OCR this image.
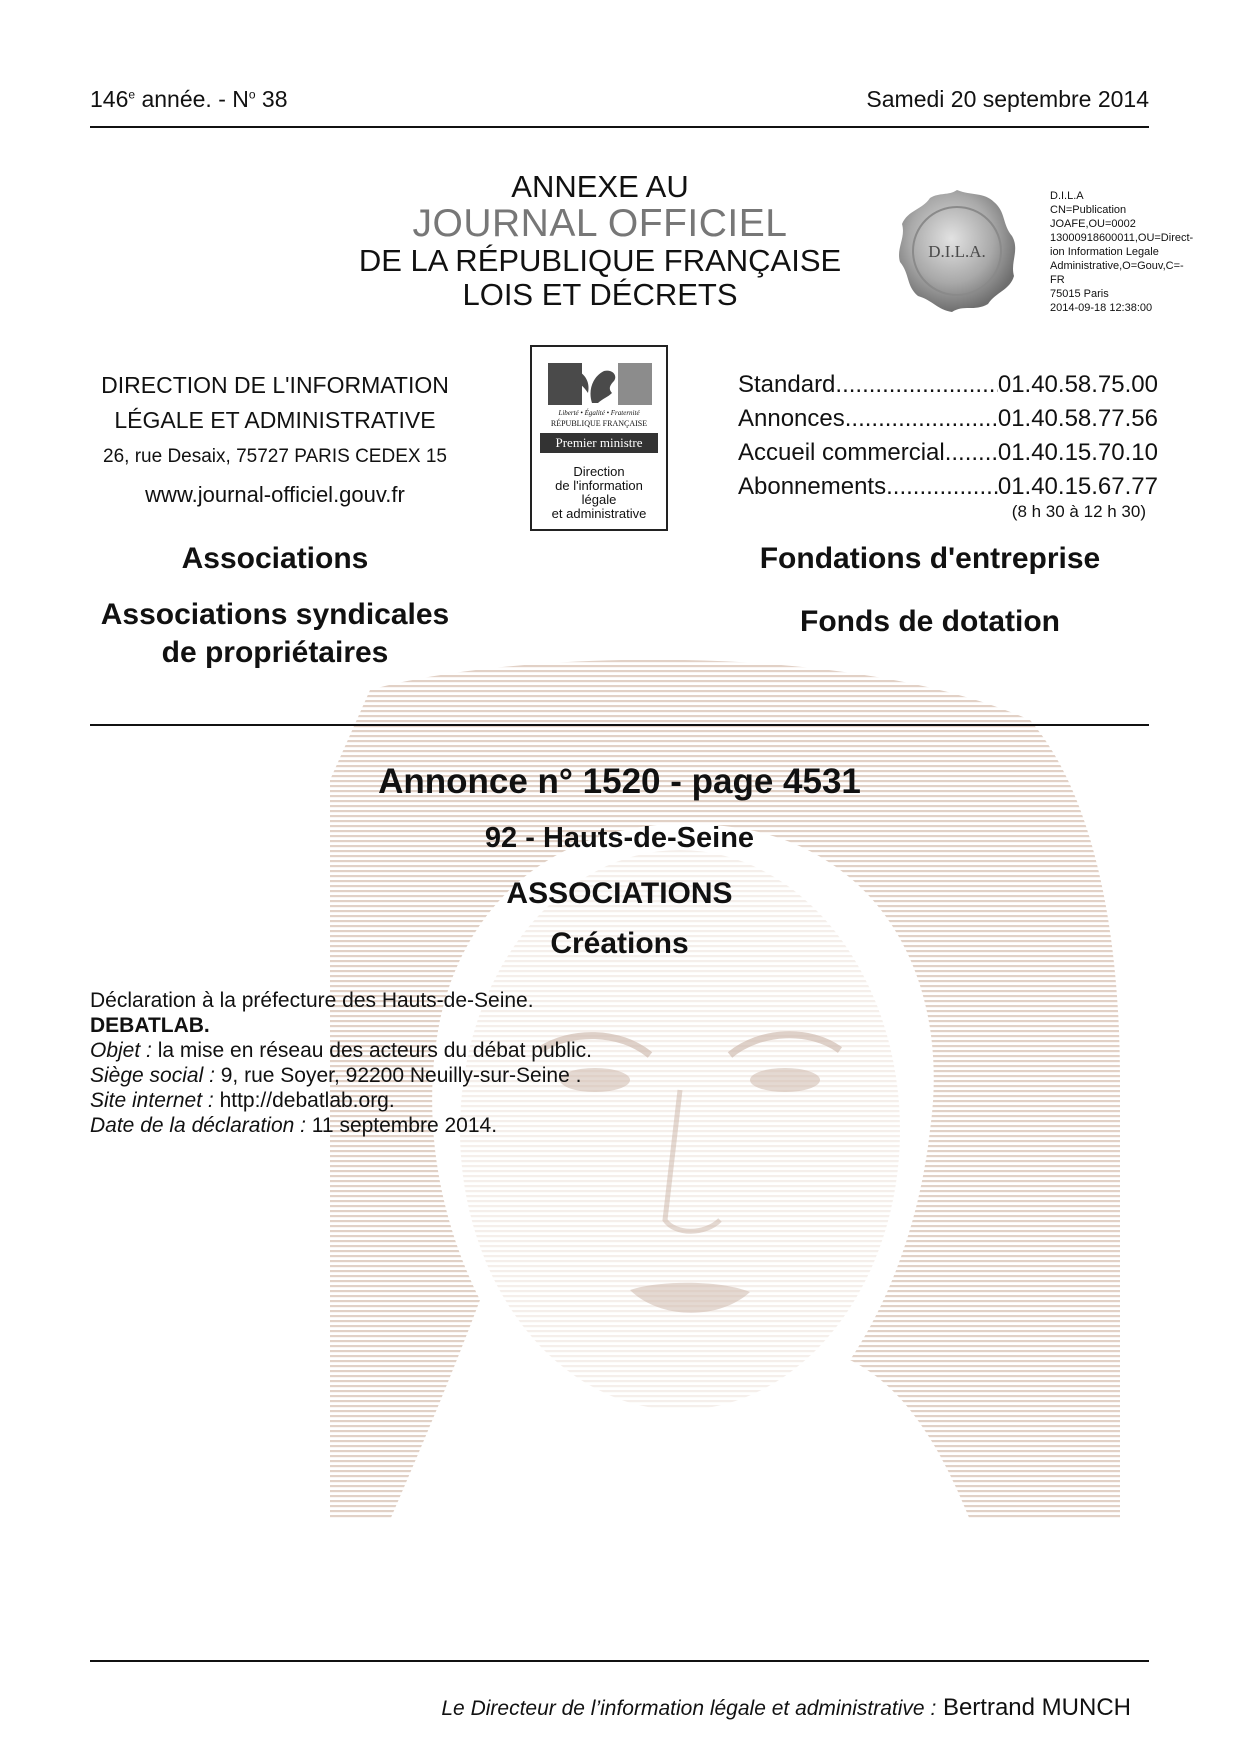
146e année. - $N^o$ 38	Samedi 20 septembre 2014
ANNEXE AU
JOURNAL OFFICIEL
DE LA RÉPUBLIQUE FRANÇAISE
LOIS ET DÉCRETS
D.I.L.A.
D.I.L.A
CN=Publication
JOAFE,OU=0002
13000918600011,OU=Direct-
ion Information Legale
Administrative,O=Gouv,C=-
FR
75015 Paris
2014-09-18 12:38:00
DIRECTION DE L'INFORMATION
LÉGALE ET ADMINISTRATIVE
26, rue Desaix, 75727 PARIS CEDEX 15
www.journal-officiel.gouv.fr
Liberté • Égalité • Fraternité
RÉPUBLIQUE FRANÇAISE
Premier ministre
Direction
de l'information
légale
et administrative
Standard .....	01.40.58.75.00
Annonces .....	01.40.58.77.56
Accueil commercial ..... 01.40.15.70.10
Abonnements .....	01.40.15.67.77
(8 h 30 à 12 h 30)
Associations
Associations syndicales
de propriétaires
Fondations d'entreprise
Fonds de dotation
Annonce n° 1520 - page 4531
92 - Hauts-de-Seine
ASSOCIATIONS
Créations
Déclaration à la préfecture des Hauts-de-Seine.
DEBATLAB.
Objet : la mise en réseau des acteurs du débat public.
Siège social : 9, rue Soyer, 92200 Neuilly-sur-Seine .
Site internet : http://debatlab.org.
Date de la déclaration : 11 septembre 2014.
Le Directeur de l’information légale et administrative : Bertrand MUNCH
